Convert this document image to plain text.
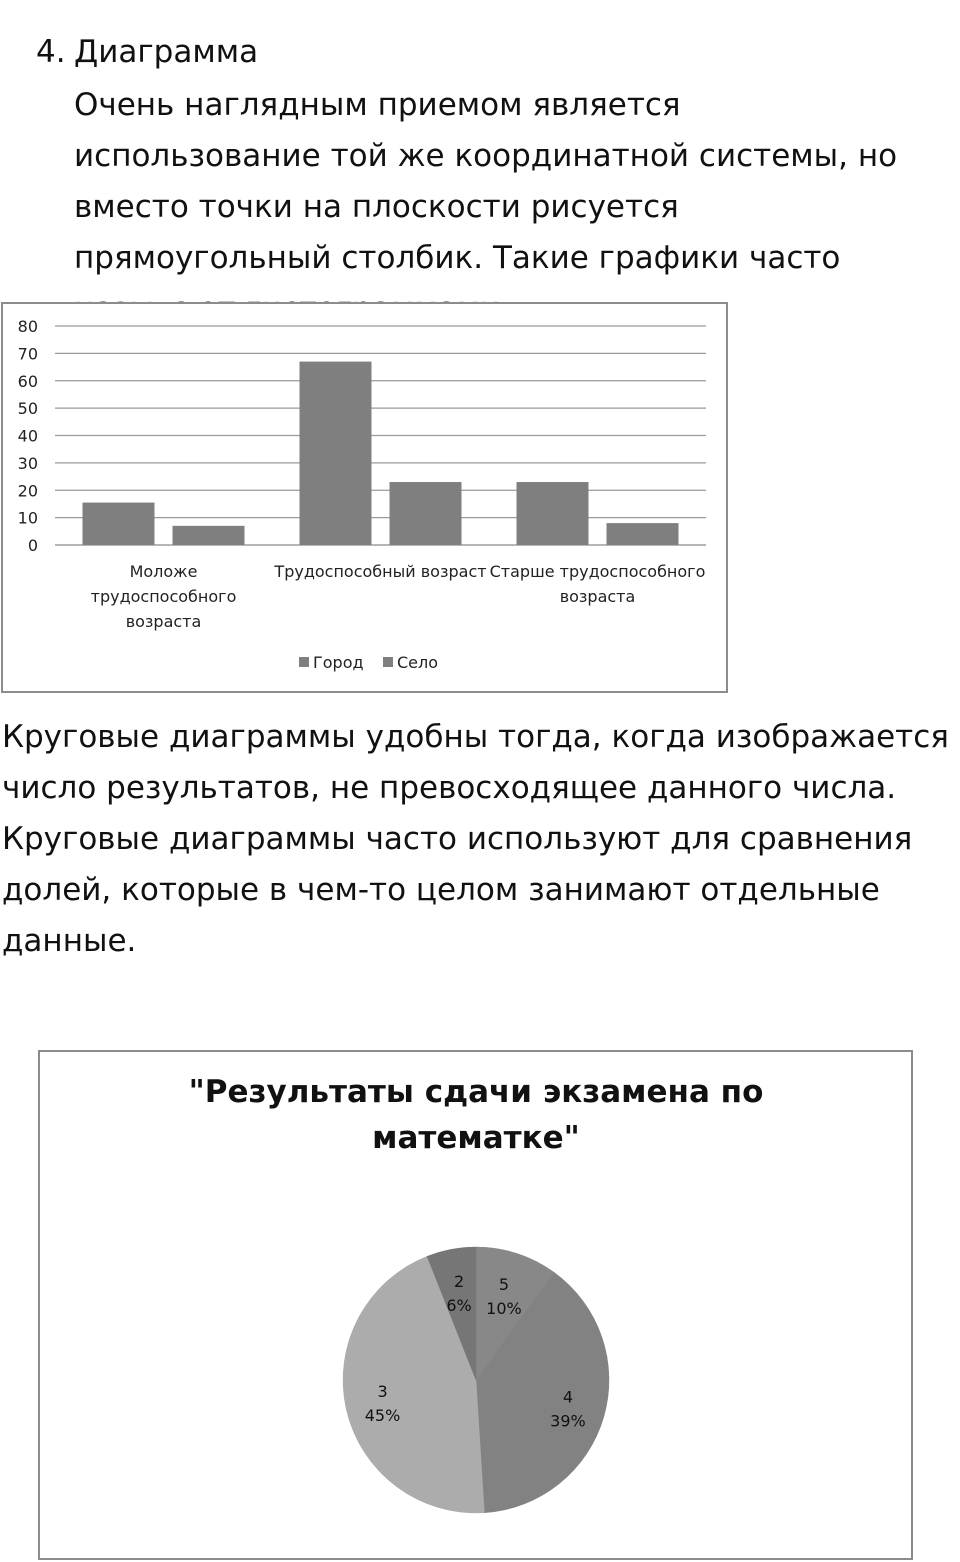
4. Диаграмма
Очень наглядным приемом является использование той же координатной системы, но вместо точки на плоскости рисуется прямоугольный столбик. Такие графики часто
0
10
20
30
40
50
60
70
80
Моложе
трудоспособного
возраста
Трудоспособный возраст Старше трудоспособного
возраста
Город Село
Круговые диаграммы удобны тогда, когда изображается число результатов, не превосходящее данного числа. Круговые диаграммы часто используют для сравнения долей, которые в чем-то целом занимают отдельные данные.
"Результаты сдачи экзамена по
математке"
5
10%
4
39%
3
45%
2
6%
